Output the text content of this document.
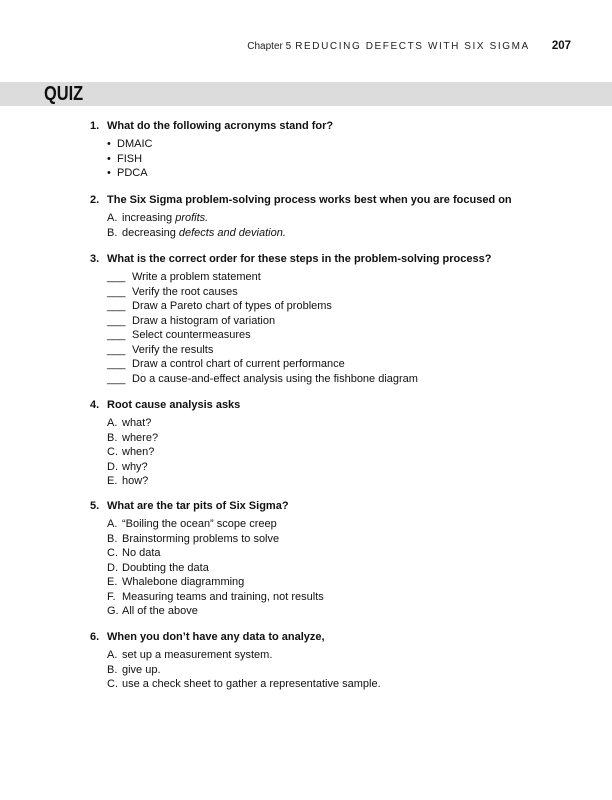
Chapter 5 REDUCING DEFECTS WITH SIX SIGMA 207
QUIZ
1. What do the following acronyms stand for?
• DMAIC
• FISH
• PDCA
2. The Six Sigma problem-solving process works best when you are focused on
A. increasing profits.
B. decreasing defects and deviation.
3. What is the correct order for these steps in the problem-solving process?
___ Write a problem statement
___ Verify the root causes
___ Draw a Pareto chart of types of problems
___ Draw a histogram of variation
___ Select countermeasures
___ Verify the results
___ Draw a control chart of current performance
___ Do a cause-and-effect analysis using the fishbone diagram
4. Root cause analysis asks
A. what?
B. where?
C. when?
D. why?
E. how?
5. What are the tar pits of Six Sigma?
A. “Boiling the ocean” scope creep
B. Brainstorming problems to solve
C. No data
D. Doubting the data
E. Whalebone diagramming
F. Measuring teams and training, not results
G. All of the above
6. When you don’t have any data to analyze,
A. set up a measurement system.
B. give up.
C. use a check sheet to gather a representative sample.
